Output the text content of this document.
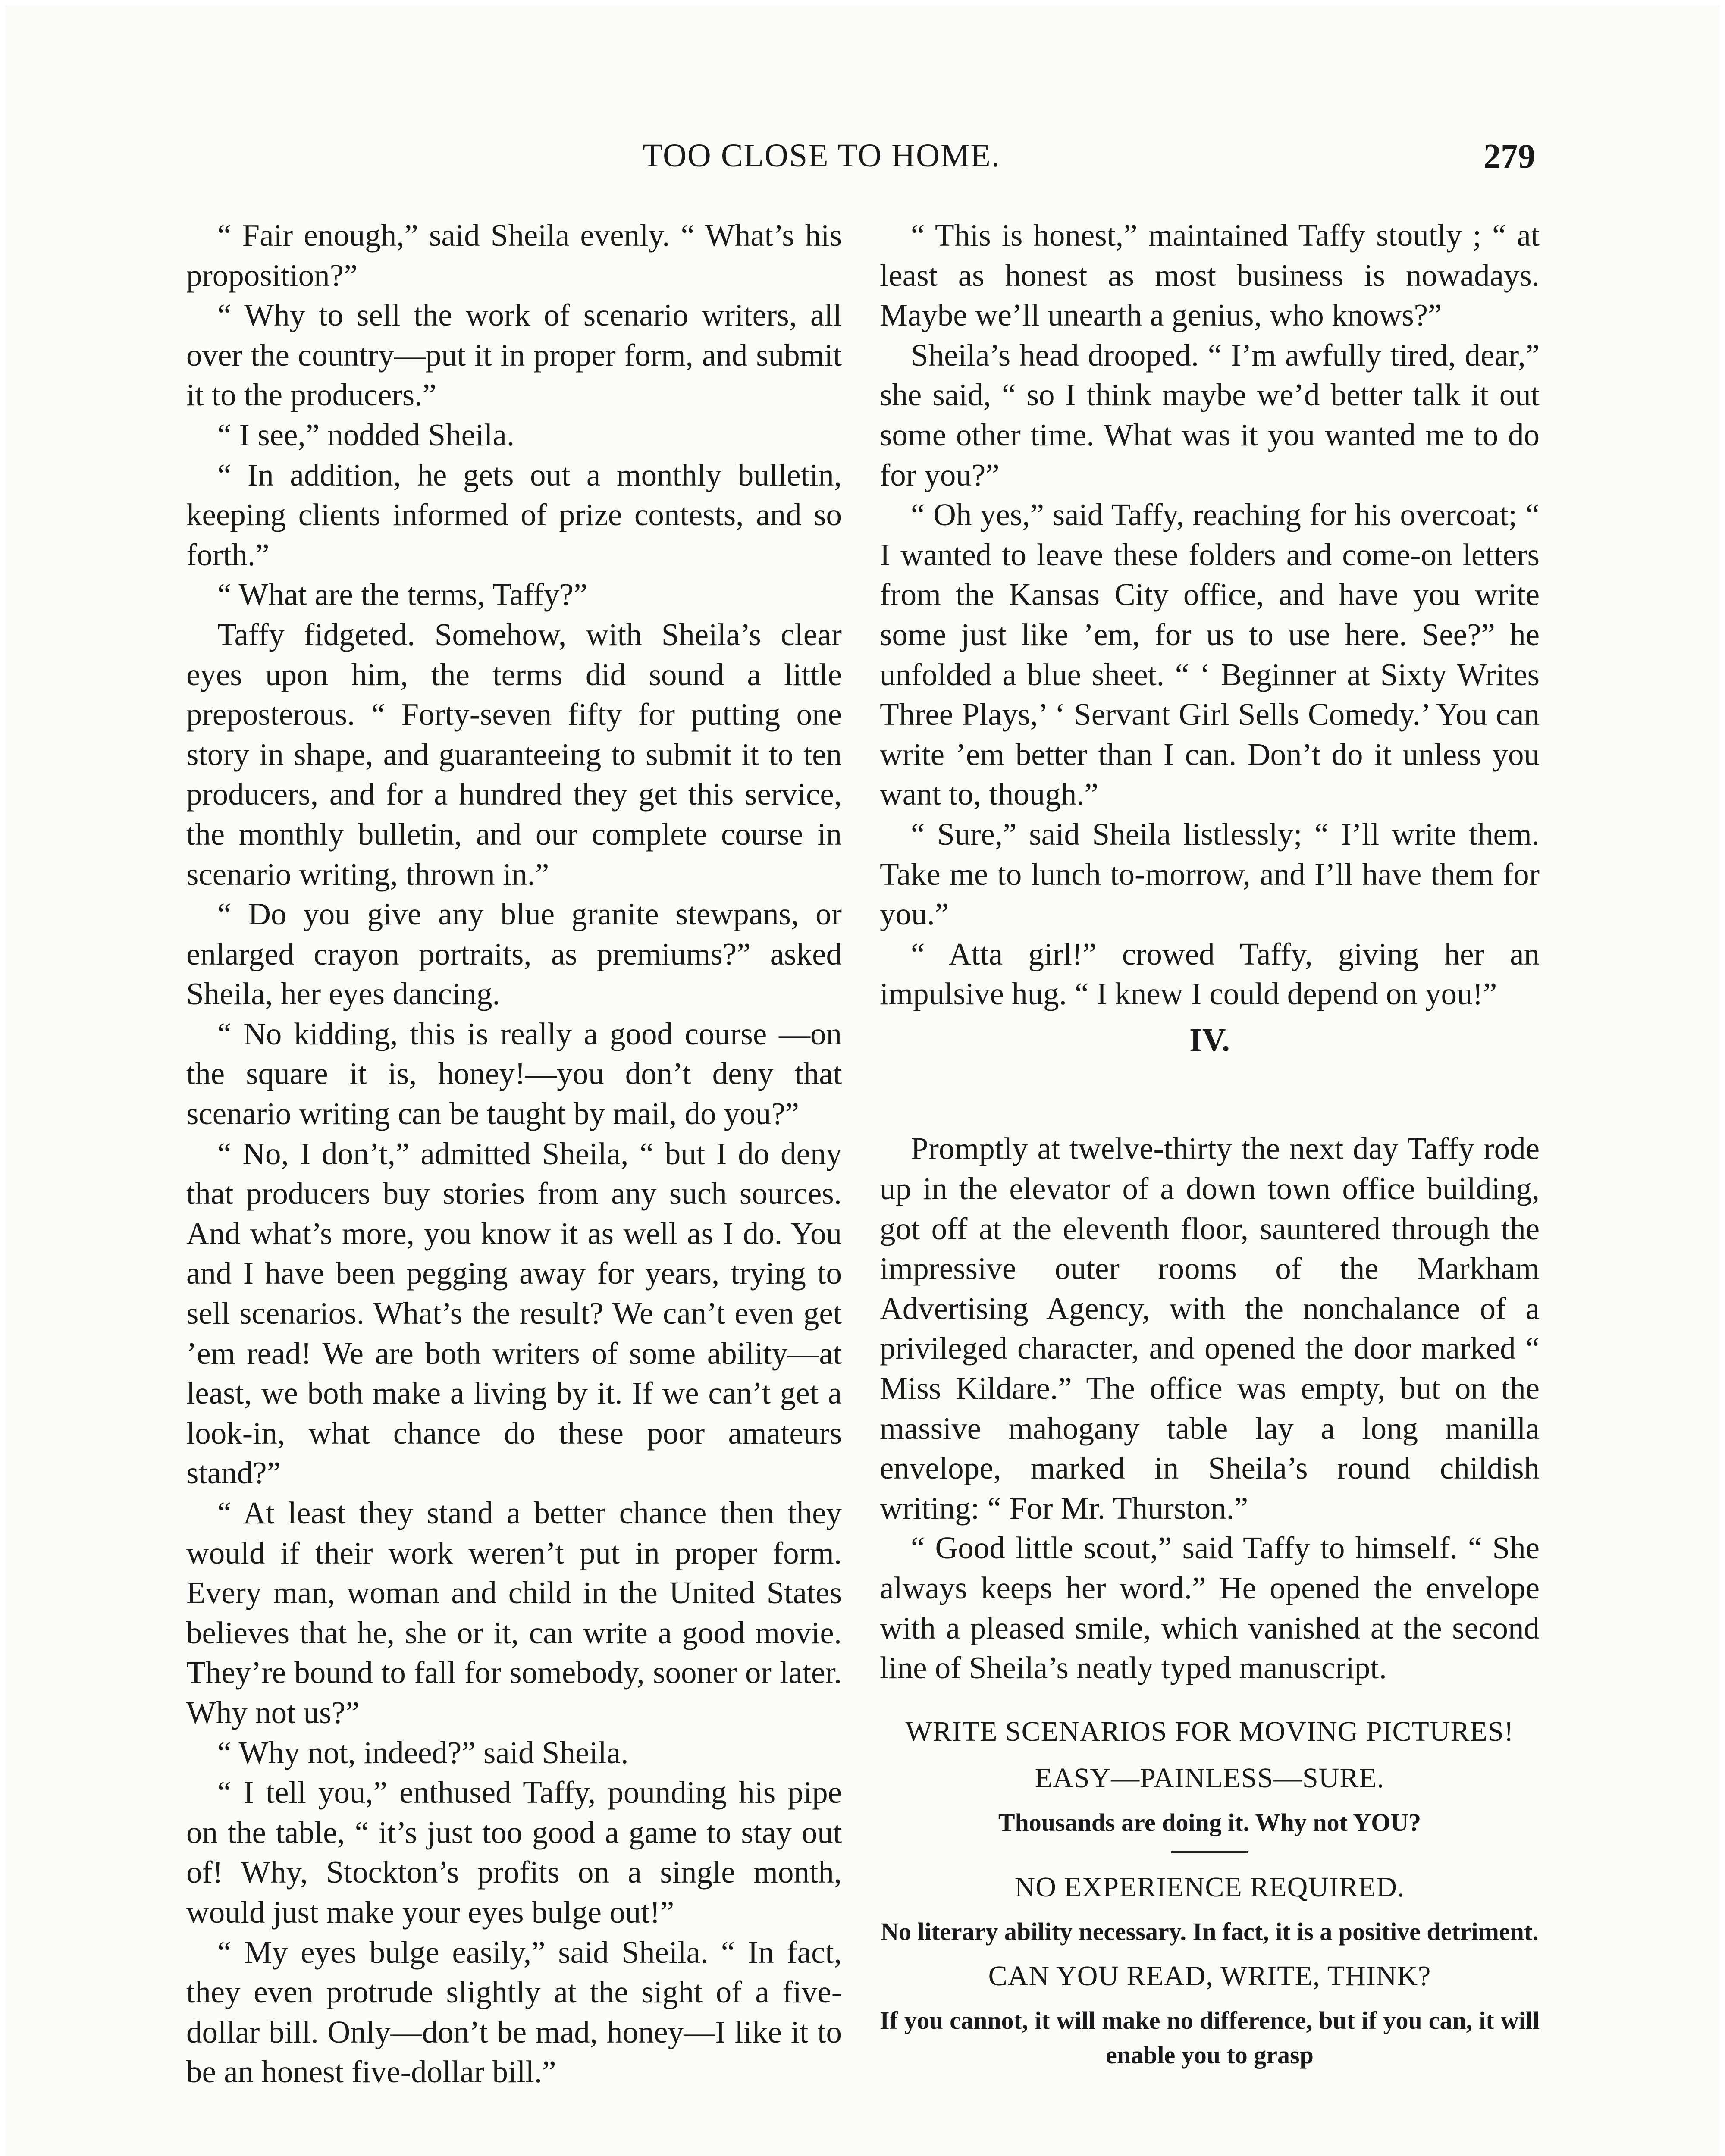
TOO CLOSE TO HOME.	279

“ Fair enough,” said Sheila evenly. “ What’s his proposition?”

“ Why to sell the work of scenario writers, all over the country—put it in proper form, and submit it to the producers.”

“ I see,” nodded Sheila.

“ In addition, he gets out a monthly bulletin, keeping clients informed of prize contests, and so forth.”

“ What are the terms, Taffy?”

Taffy fidgeted. Somehow, with Sheila’s clear eyes upon him, the terms did sound a little preposterous. “ Forty-seven fifty for putting one story in shape, and guaranteeing to submit it to ten producers, and for a hundred they get this service, the monthly bulletin, and our complete course in scenario writing, thrown in.”

“ Do you give any blue granite stewpans, or enlarged crayon portraits, as premiums?” asked Sheila, her eyes dancing.

“ No kidding, this is really a good course —on the square it is, honey!—you don’t deny that scenario writing can be taught by mail, do you?”

“ No, I don’t,” admitted Sheila, “ but I do deny that producers buy stories from any such sources. And what’s more, you know it as well as I do. You and I have been pegging away for years, trying to sell scenarios. What’s the result? We can’t even get ’em read! We are both writers of some ability—at least, we both make a living by it. If we can’t get a look-in, what chance do these poor amateurs stand?”

“ At least they stand a better chance then they would if their work weren’t put in proper form. Every man, woman and child in the United States believes that he, she or it, can write a good movie. They’re bound to fall for somebody, sooner or later. Why not us?”

“ Why not, indeed?” said Sheila.

“ I tell you,” enthused Taffy, pounding his pipe on the table, “ it’s just too good a game to stay out of! Why, Stockton’s profits on a single month, would just make your eyes bulge out!”

“ My eyes bulge easily,” said Sheila. “ In fact, they even protrude slightly at the sight of a five-dollar bill. Only—don’t be mad, honey—I like it to be an honest five-dollar bill.”

“ This is honest,” maintained Taffy stoutly ; “ at least as honest as most business is nowadays. Maybe we’ll unearth a genius, who knows?”

Sheila’s head drooped. “ I’m awfully tired, dear,” she said, “ so I think maybe we’d better talk it out some other time. What was it you wanted me to do for you?”

“ Oh yes,” said Taffy, reaching for his overcoat; “ I wanted to leave these folders and come-on letters from the Kansas City office, and have you write some just like ’em, for us to use here. See?” he unfolded a blue sheet. “ ‘ Beginner at Sixty Writes Three Plays,’ ‘ Servant Girl Sells Comedy.’ You can write ’em better than I can. Don’t do it unless you want to, though.”

“ Sure,” said Sheila listlessly; “ I’ll write them. Take me to lunch to-morrow, and I’ll have them for you.”

“ Atta girl!” crowed Taffy, giving her an impulsive hug. “ I knew I could depend on you!”

IV.

Promptly at twelve-thirty the next day Taffy rode up in the elevator of a down town office building, got off at the eleventh floor, sauntered through the impressive outer rooms of the Markham Advertising Agency, with the nonchalance of a privileged character, and opened the door marked “ Miss Kildare.” The office was empty, but on the massive mahogany table lay a long manilla envelope, marked in Sheila’s round childish writing: “ For Mr. Thurston.”

“ Good little scout,” said Taffy to himself. “ She always keeps her word.” He opened the envelope with a pleased smile, which vanished at the second line of Sheila’s neatly typed manuscript.

WRITE SCENARIOS FOR MOVING PICTURES!
EASY—PAINLESS—SURE.
Thousands are doing it. Why not YOU?
NO EXPERIENCE REQUIRED.
No literary ability necessary. In fact, it is a positive detriment.
CAN YOU READ, WRITE, THINK?
If you cannot, it will make no difference, but if you can, it will enable you to grasp
